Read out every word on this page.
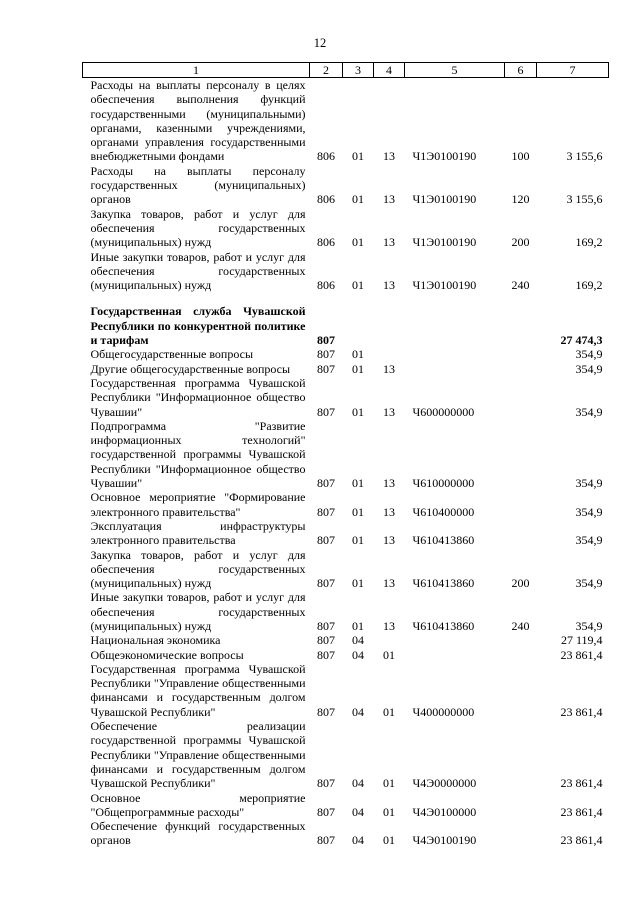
12
1	2	3	4	5	6	7
Расходы на выплаты персоналу в целях обеспечения выполнения функций государственными (муниципальными) органами, казенными учреждениями, органами управления государственными внебюджетными фондами	806	01	13	Ч1Э0100190	100	3 155,6
Расходы на выплаты персоналу государственных (муниципальных) органов	806	01	13	Ч1Э0100190	120	3 155,6
Закупка товаров, работ и услуг для обеспечения государственных (муниципальных) нужд	806	01	13	Ч1Э0100190	200	169,2
Иные закупки товаров, работ и услуг для обеспечения государственных (муниципальных) нужд	806	01	13	Ч1Э0100190	240	169,2

Государственная служба Чувашской Республики по конкурентной политике и тарифам	807					27 474,3
Общегосударственные вопросы	807	01				354,9
Другие общегосударственные вопросы	807	01	13			354,9
Государственная программа Чувашской Республики "Информационное общество Чувашии"	807	01	13	Ч600000000		354,9
Подпрограмма "Развитие информационных технологий" государственной программы Чувашской Республики "Информационное общество Чувашии"	807	01	13	Ч610000000		354,9
Основное мероприятие "Формирование электронного правительства"	807	01	13	Ч610400000		354,9
Эксплуатация инфраструктуры электронного правительства	807	01	13	Ч610413860		354,9
Закупка товаров, работ и услуг для обеспечения государственных (муниципальных) нужд	807	01	13	Ч610413860	200	354,9
Иные закупки товаров, работ и услуг для обеспечения государственных (муниципальных) нужд	807	01	13	Ч610413860	240	354,9
Национальная экономика	807	04				27 119,4
Общеэкономические вопросы	807	04	01			23 861,4
Государственная программа Чувашской Республики "Управление общественными финансами и государственным долгом Чувашской Республики"	807	04	01	Ч400000000		23 861,4
Обеспечение реализации государственной программы Чувашской Республики "Управление общественными финансами и государственным долгом Чувашской Республики"	807	04	01	Ч4Э0000000		23 861,4
Основное мероприятие "Общепрограммные расходы"	807	04	01	Ч4Э0100000		23 861,4
Обеспечение функций государственных органов	807	04	01	Ч4Э0100190		23 861,4
